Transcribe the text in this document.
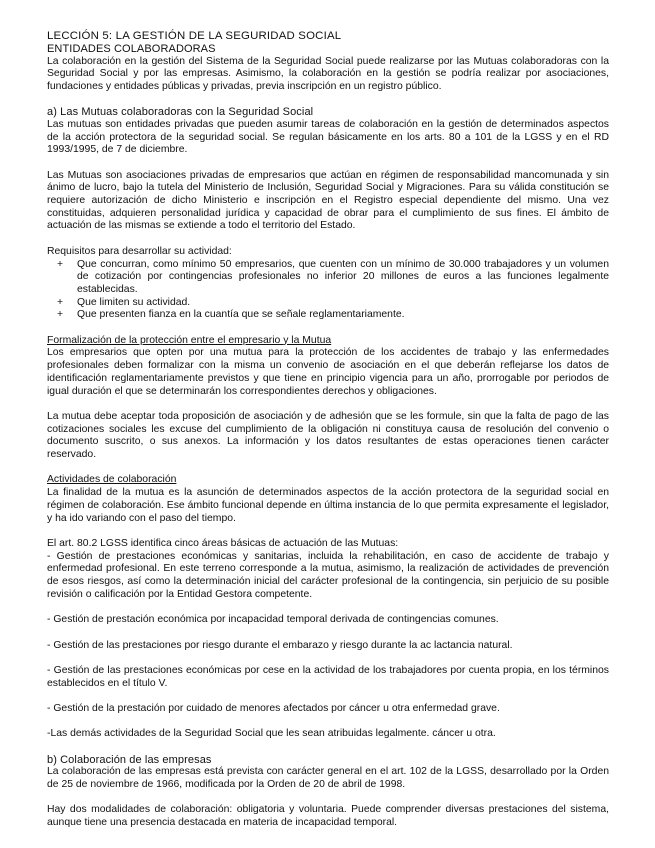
LECCIÓN 5: LA GESTIÓN DE LA SEGURIDAD SOCIAL
ENTIDADES COLABORADORAS

La colaboración en la gestión del Sistema de la Seguridad Social puede realizarse por las Mutuas colaboradoras con la Seguridad Social y por las empresas. Asimismo, la colaboración en la gestión se podría realizar por asociaciones, fundaciones y entidades públicas y privadas, previa inscripción en un registro público.

a) Las Mutuas colaboradoras con la Seguridad Social

Las mutuas son entidades privadas que pueden asumir tareas de colaboración en la gestión de determinados aspectos de la acción protectora de la seguridad social. Se regulan básicamente en los arts. 80 a 101 de la LGSS y en el RD 1993/1995, de 7 de diciembre.

Las Mutuas son asociaciones privadas de empresarios que actúan en régimen de responsabilidad mancomunada y sin ánimo de lucro, bajo la tutela del Ministerio de Inclusión, Seguridad Social y Migraciones. Para su válida constitución se requiere autorización de dicho Ministerio e inscripción en el Registro especial dependiente del mismo. Una vez constituidas, adquieren personalidad jurídica y capacidad de obrar para el cumplimiento de sus fines. El ámbito de actuación de las mismas se extiende a todo el territorio del Estado.

Requisitos para desarrollar su actividad:
+ Que concurran, como mínimo 50 empresarios, que cuenten con un mínimo de 30.000 trabajadores y un volumen de cotización por contingencias profesionales no inferior 20 millones de euros a las funciones legalmente establecidas.
+ Que limiten su actividad.
+ Que presenten fianza en la cuantía que se señale reglamentariamente.
Formalización de la protección entre el empresario y la Mutua

Los empresarios que opten por una mutua para la protección de los accidentes de trabajo y las enfermedades profesionales deben formalizar con la misma un convenio de asociación en el que deberán reflejarse los datos de identificación reglamentariamente previstos y que tiene en principio vigencia para un año, prorrogable por periodos de igual duración el que se determinarán los correspondientes derechos y obligaciones.

La mutua debe aceptar toda proposición de asociación y de adhesión que se les formule, sin que la falta de pago de las cotizaciones sociales les excuse del cumplimiento de la obligación ni constituya causa de resolución del convenio o documento suscrito, o sus anexos. La información y los datos resultantes de estas operaciones tienen carácter reservado.

Actividades de colaboración

La finalidad de la mutua es la asunción de determinados aspectos de la acción protectora de la seguridad social en régimen de colaboración. Ese ámbito funcional depende en última instancia de lo que permita expresamente el legislador, y ha ido variando con el paso del tiempo.

El art. 80.2 LGSS identifica cinco áreas básicas de actuación de las Mutuas:

- Gestión de prestaciones económicas y sanitarias, incluida la rehabilitación, en caso de accidente de trabajo y enfermedad profesional. En este terreno corresponde a la mutua, asimismo, la realización de actividades de prevención de esos riesgos, así como la determinación inicial del carácter profesional de la contingencia, sin perjuicio de su posible revisión o calificación por la Entidad Gestora competente.

- Gestión de prestación económica por incapacidad temporal derivada de contingencias comunes.

- Gestión de las prestaciones por riesgo durante el embarazo y riesgo durante la ac lactancia natural.

- Gestión de las prestaciones económicas por cese en la actividad de los trabajadores por cuenta propia, en los términos establecidos en el título V.

- Gestión de la prestación por cuidado de menores afectados por cáncer u otra enfermedad grave.

-Las demás actividades de la Seguridad Social que les sean atribuidas legalmente. cáncer u otra.

b) Colaboración de las empresas

La colaboración de las empresas está prevista con carácter general en el art. 102 de la LGSS, desarrollado por la Orden de 25 de noviembre de 1966, modificada por la Orden de 20 de abril de 1998.

Hay dos modalidades de colaboración: obligatoria y voluntaria. Puede comprender diversas prestaciones del sistema, aunque tiene una presencia destacada en materia de incapacidad temporal.
